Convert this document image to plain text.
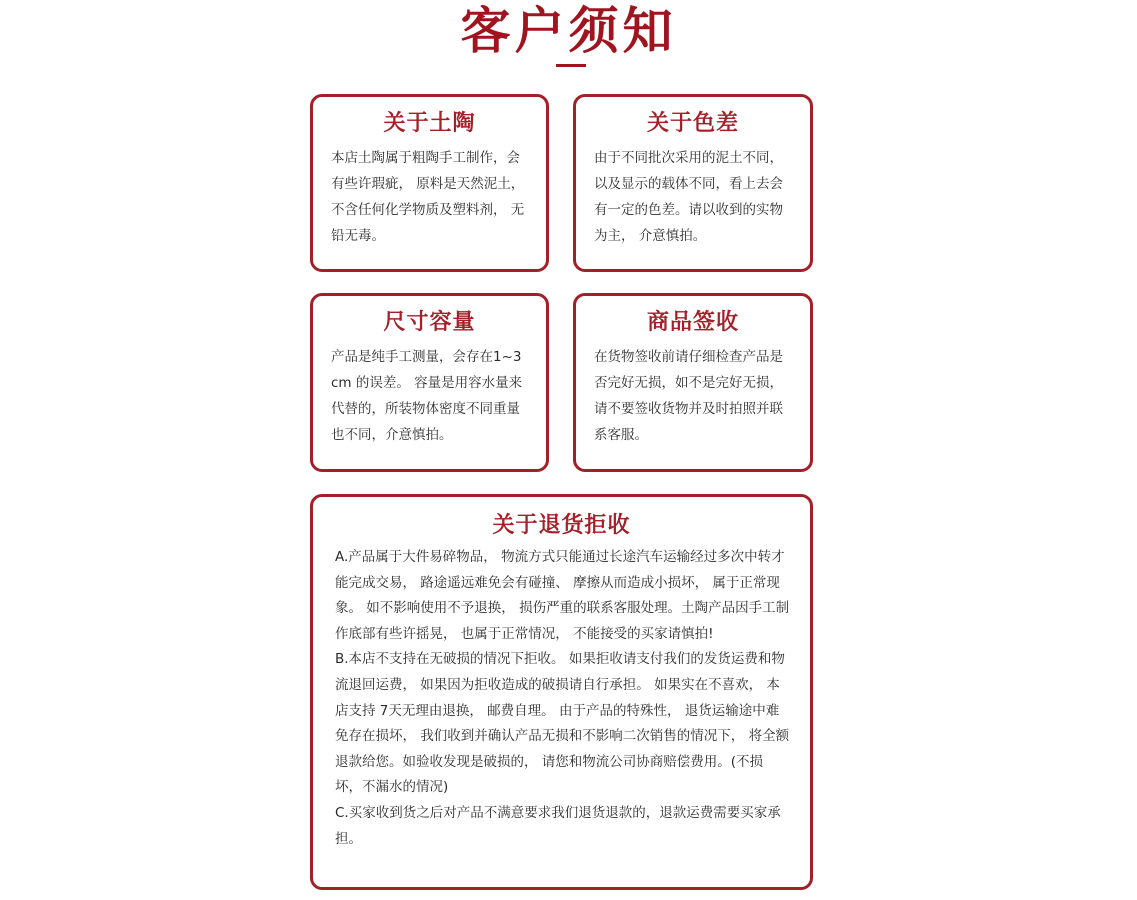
客户须知
关于土陶
本店土陶属于粗陶手工制作，会有些许瑕疵， 原料是天然泥土，不含任何化学物质及塑料剂， 无铅无毒。
关于色差
由于不同批次采用的泥土不同，以及显示的载体不同，看上去会有一定的色差。请以收到的实物为主， 介意慎拍。
尺寸容量
产品是纯手工测量，会存在1~3cm 的误差。 容量是用容水量来代替的，所装物体密度不同重量也不同，介意慎拍。
商品签收
在货物签收前请仔细检查产品是否完好无损，如不是完好无损，请不要签收货物并及时拍照并联系客服。
关于退货拒收

A.产品属于大件易碎物品， 物流方式只能通过长途汽车运输经过多次中转才能完成交易， 路途遥远难免会有碰撞、 摩擦从而造成小损坏， 属于正常现象。 如不影响使用不予退换， 损伤严重的联系客服处理。土陶产品因手工制作底部有些许摇晃， 也属于正常情况， 不能接受的买家请慎拍!

B.本店不支持在无破损的情况下拒收。 如果拒收请支付我们的发货运费和物流退回运费， 如果因为拒收造成的破损请自行承担。 如果实在不喜欢， 本店支持 7天无理由退换， 邮费自理。 由于产品的特殊性， 退货运输途中难免存在损坏， 我们收到并确认产品无损和不影响二次销售的情况下， 将全额退款给您。如验收发现是破损的， 请您和物流公司协商赔偿费用。(不损坏，不漏水的情况)

C.买家收到货之后对产品不满意要求我们退货退款的，退款运费需要买家承担。
